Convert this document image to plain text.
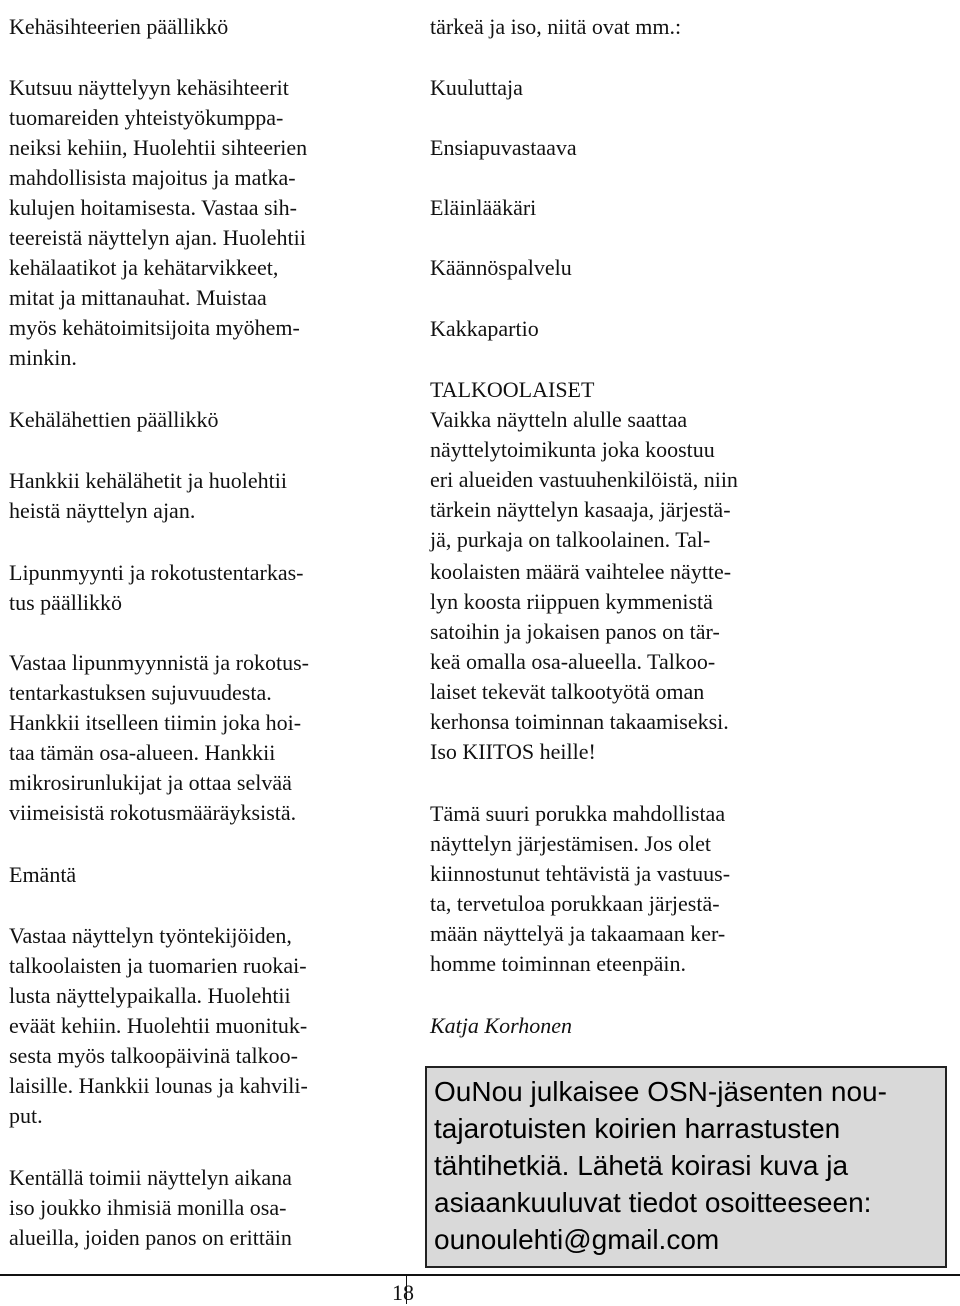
Kehäsihteerien päällikkö
Kutsuu näyttelyyn kehäsihteerit
tuomareiden yhteistyökumppa-
neiksi kehiin, Huolehtii sihteerien
mahdollisista majoitus ja matka-
kulujen hoitamisesta. Vastaa sih-
teereistä näyttelyn ajan. Huolehtii
kehälaatikot ja kehätarvikkeet,
mitat ja mittanauhat. Muistaa
myös kehätoimitsijoita myöhem-
minkin.
Kehälähettien päällikkö
Hankkii kehälähetit ja huolehtii
heistä näyttelyn ajan.
Lipunmyynti ja rokotustentarkas-
tus päällikkö
Vastaa lipunmyynnistä ja rokotus-
tentarkastuksen sujuvuudesta.
Hankkii itselleen tiimin joka hoi-
taa tämän osa-alueen. Hankkii
mikrosirunlukijat ja ottaa selvää
viimeisistä rokotusmääräyksistä.
Emäntä
Vastaa näyttelyn työntekijöiden,
talkoolaisten ja tuomarien ruokai-
lusta näyttelypaikalla. Huolehtii
eväät kehiin. Huolehtii muonituk-
sesta myös talkoopäivinä talkoo-
laisille. Hankkii lounas ja kahvili-
put.
Kentällä toimii näyttelyn aikana
iso joukko ihmisiä monilla osa-
alueilla, joiden panos on erittäin
tärkeä ja iso, niitä ovat mm.:
Kuuluttaja
Ensiapuvastaava
Eläinlääkäri
Käännöspalvelu
Kakkapartio
TALKOOLAISET
Vaikka näytteln alulle saattaa
näyttelytoimikunta joka koostuu
eri alueiden vastuuhenkilöistä, niin
tärkein näyttelyn kasaaja, järjestä-
jä, purkaja on talkoolainen. Tal-
koolaisten määrä vaihtelee näytte-
lyn koosta riippuen kymmenistä
satoihin ja jokaisen panos on tär-
keä omalla osa-alueella. Talkoo-
laiset tekevät talkootyötä oman
kerhonsa toiminnan takaamiseksi.
Iso KIITOS heille!
Tämä suuri porukka mahdollistaa
näyttelyn järjestämisen. Jos olet
kiinnostunut tehtävistä ja vastuus-
ta, tervetuloa porukkaan järjestä-
mään näyttelyä ja takaamaan ker-
homme toiminnan eteenpäin.
Katja Korhonen
OuNou julkaisee OSN-jäsenten nou-
tajarotuisten koirien harrastusten
tähtihetkiä. Lähetä koirasi kuva ja
asiaankuuluvat tiedot osoitteeseen:
ounoulehti@gmail.com
18
